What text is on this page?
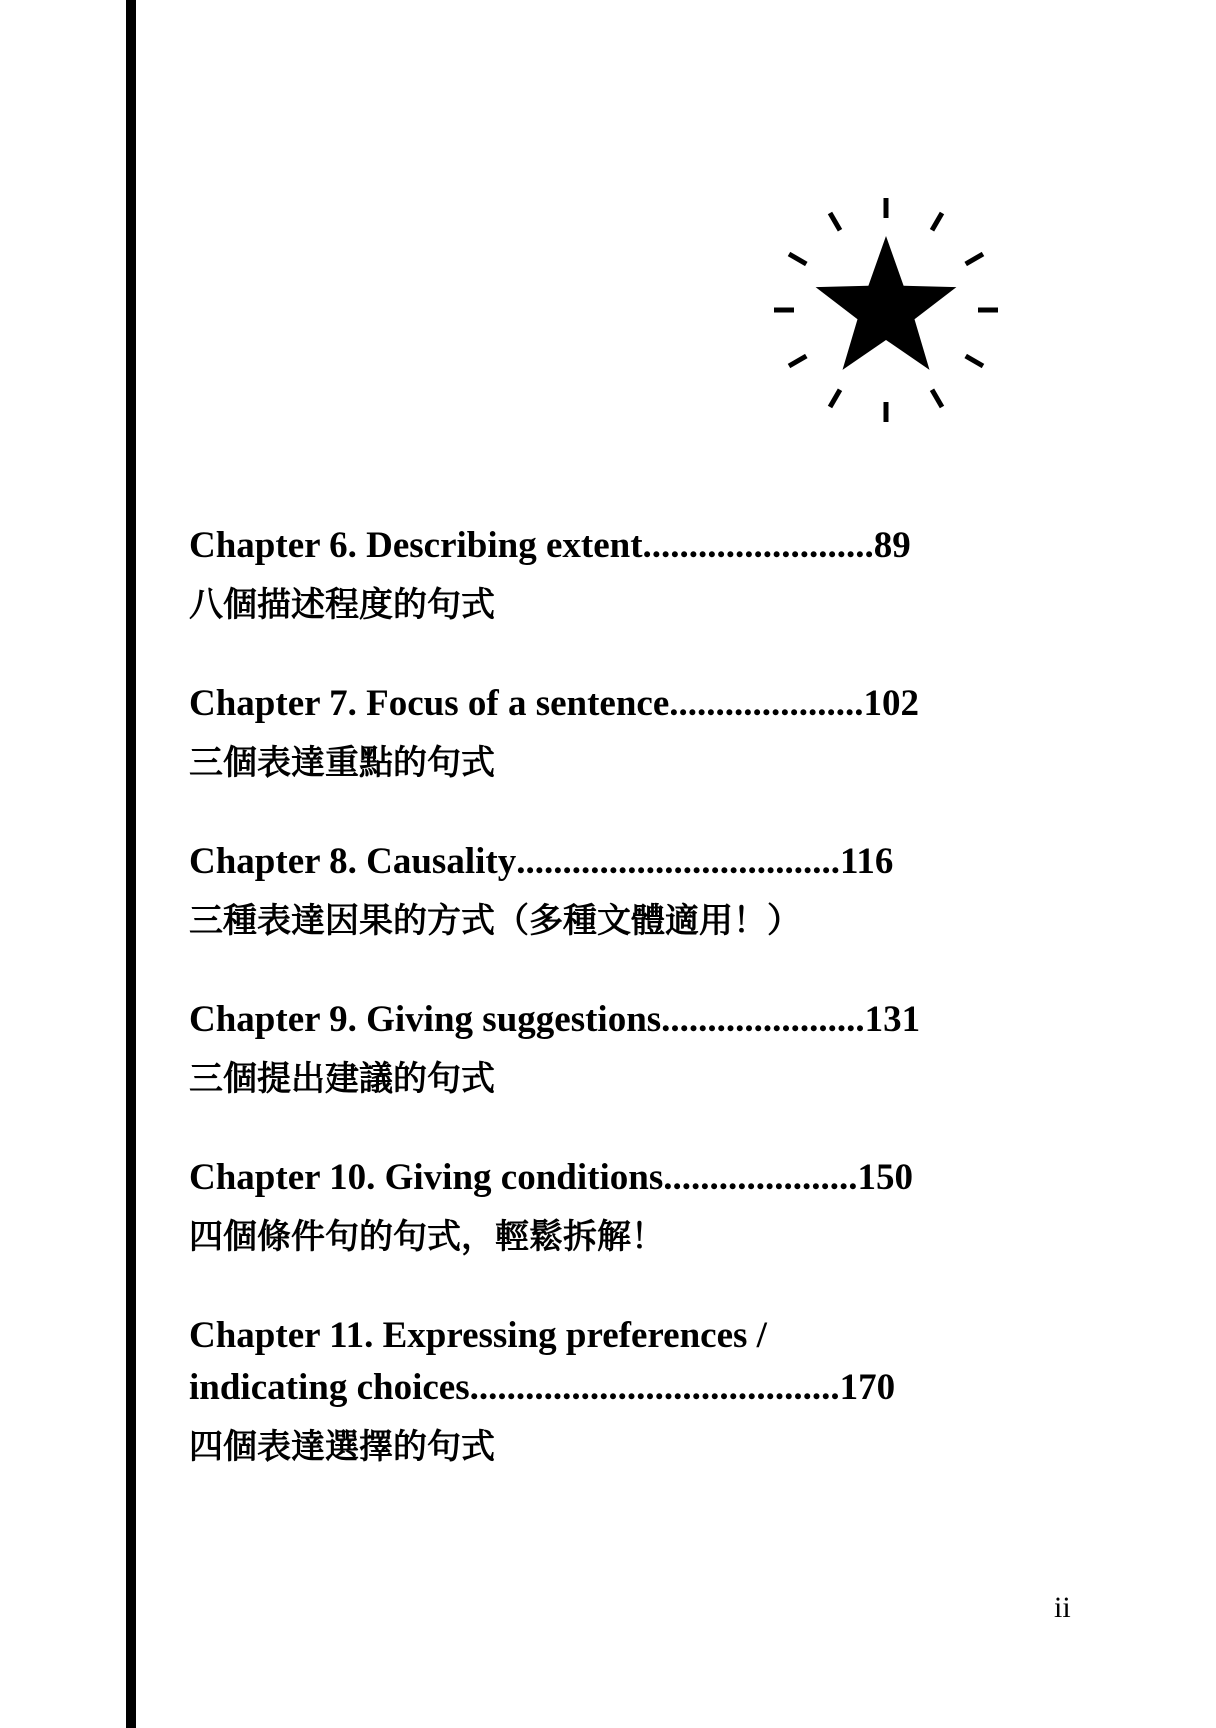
Chapter 6. Describing extent ......................... 89
八個描述程度的句式
Chapter 7. Focus of a sentence ..................... 102
三個表達重點的句式
Chapter 8. Causality ................................... 116
三種表達因果的方式（多種文體適用！）
Chapter 9. Giving suggestions ...................... 131
三個提出建議的句式
Chapter 10. Giving conditions ..................... 150
四個條件句的句式，輕鬆拆解！
Chapter 11. Expressing preferences /
indicating choices ........................................ 170
四個表達選擇的句式
ii
